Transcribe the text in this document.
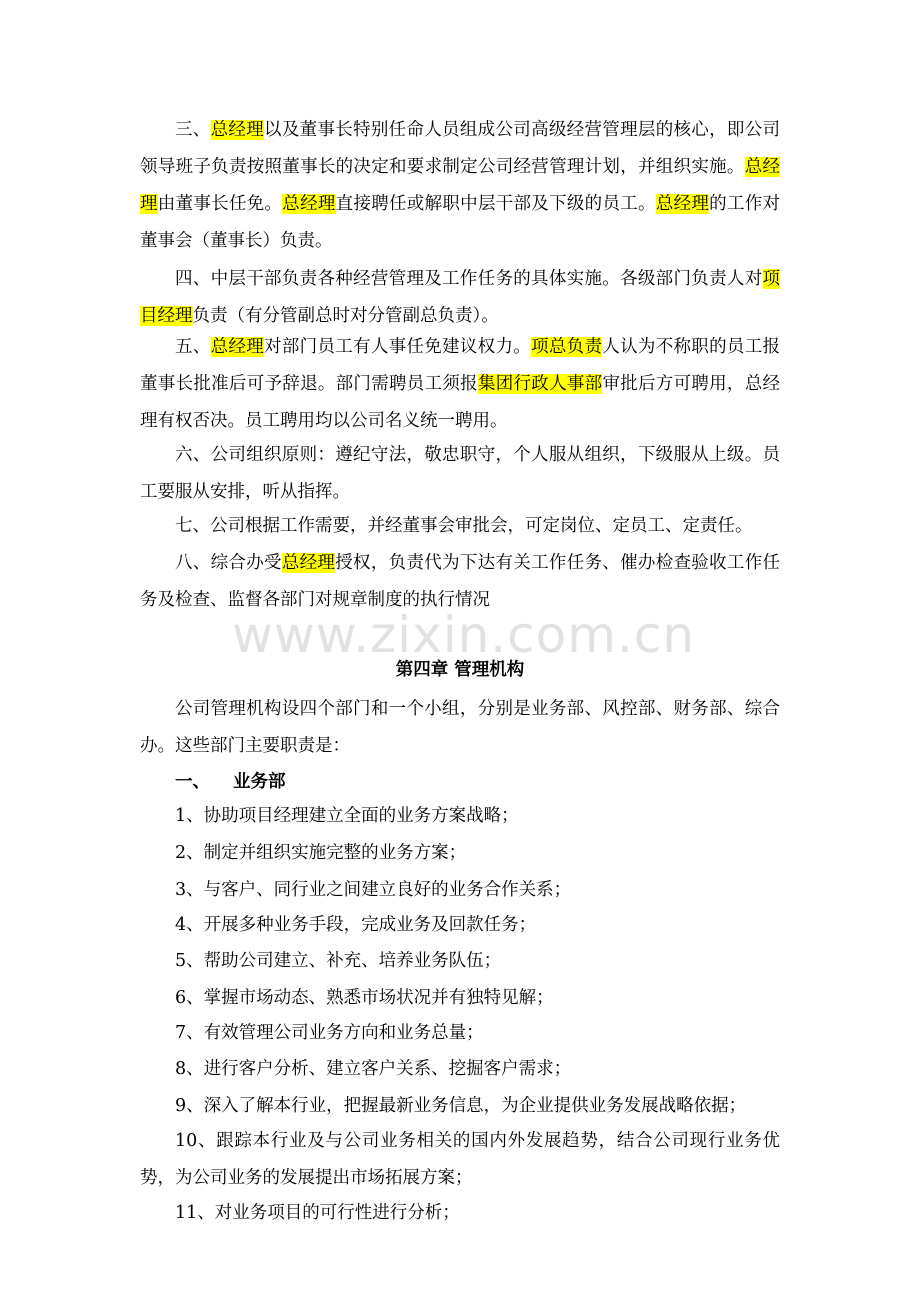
三、总经理以及董事长特别任命人员组成公司高级经营管理层的核心，即公司领导班子负责按照董事长的决定和要求制定公司经营管理计划，并组织实施。总经理由董事长任免。总经理直接聘任或解职中层干部及下级的员工。总经理的工作对董事会（董事长）负责。

四、中层干部负责各种经营管理及工作任务的具体实施。各级部门负责人对项目经理负责（有分管副总时对分管副总负责）。

五、总经理对部门员工有人事任免建议权力。项总负责人认为不称职的员工报董事长批准后可予辞退。部门需聘员工须报集团行政人事部审批后方可聘用，总经理有权否决。员工聘用均以公司名义统一聘用。

六、公司组织原则：遵纪守法，敬忠职守，个人服从组织，下级服从上级。员工要服从安排，听从指挥。

七、公司根据工作需要，并经董事会审批会，可定岗位、定员工、定责任。

八、综合办受总经理授权，负责代为下达有关工作任务、催办检查验收工作任务及检查、监督各部门对规章制度的执行情况

www.zixin.com.cn
第四章 管理机构

公司管理机构设四个部门和一个小组，分别是业务部、风控部、财务部、综合办。这些部门主要职责是：

一、 业务部
1、协助项目经理建立全面的业务方案战略；
2、制定并组织实施完整的业务方案；
3、与客户、同行业之间建立良好的业务合作关系；
4、开展多种业务手段，完成业务及回款任务；
5、帮助公司建立、补充、培养业务队伍；
6、掌握市场动态、熟悉市场状况并有独特见解；
7、有效管理公司业务方向和业务总量；
8、进行客户分析、建立客户关系、挖掘客户需求；
9、深入了解本行业，把握最新业务信息，为企业提供业务发展战略依据；
10、跟踪本行业及与公司业务相关的国内外发展趋势，结合公司现行业务优势，为公司业务的发展提出市场拓展方案；
11、对业务项目的可行性进行分析；
